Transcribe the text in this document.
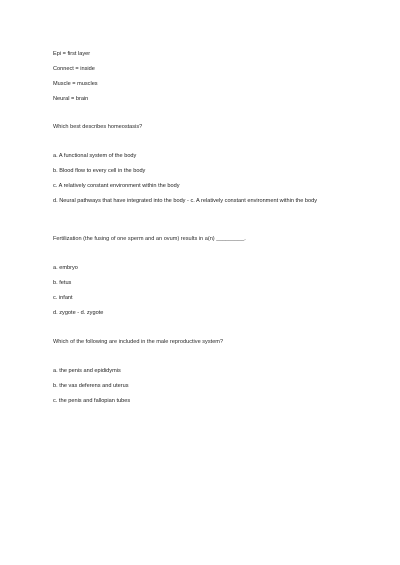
Epi = first layer
Connect = inside
Muscle = muscles
Neural = brain
Which best describes homeostasis?
a. A functional system of the body
b. Blood flow to every cell in the body
c. A relatively constant environment within the body
d. Neural pathways that have integrated into the body - c. A relatively constant environment within the body
Fertilization (the fusing of one sperm and an ovum) results in a(n) _________.
a. embryo
b. fetus
c. infant
d. zygote - d. zygote
Which of the following are included in the male reproductive system?
a. the penis and epididymis
b. the vas deferens and uterus
c. the penis and fallopian tubes
